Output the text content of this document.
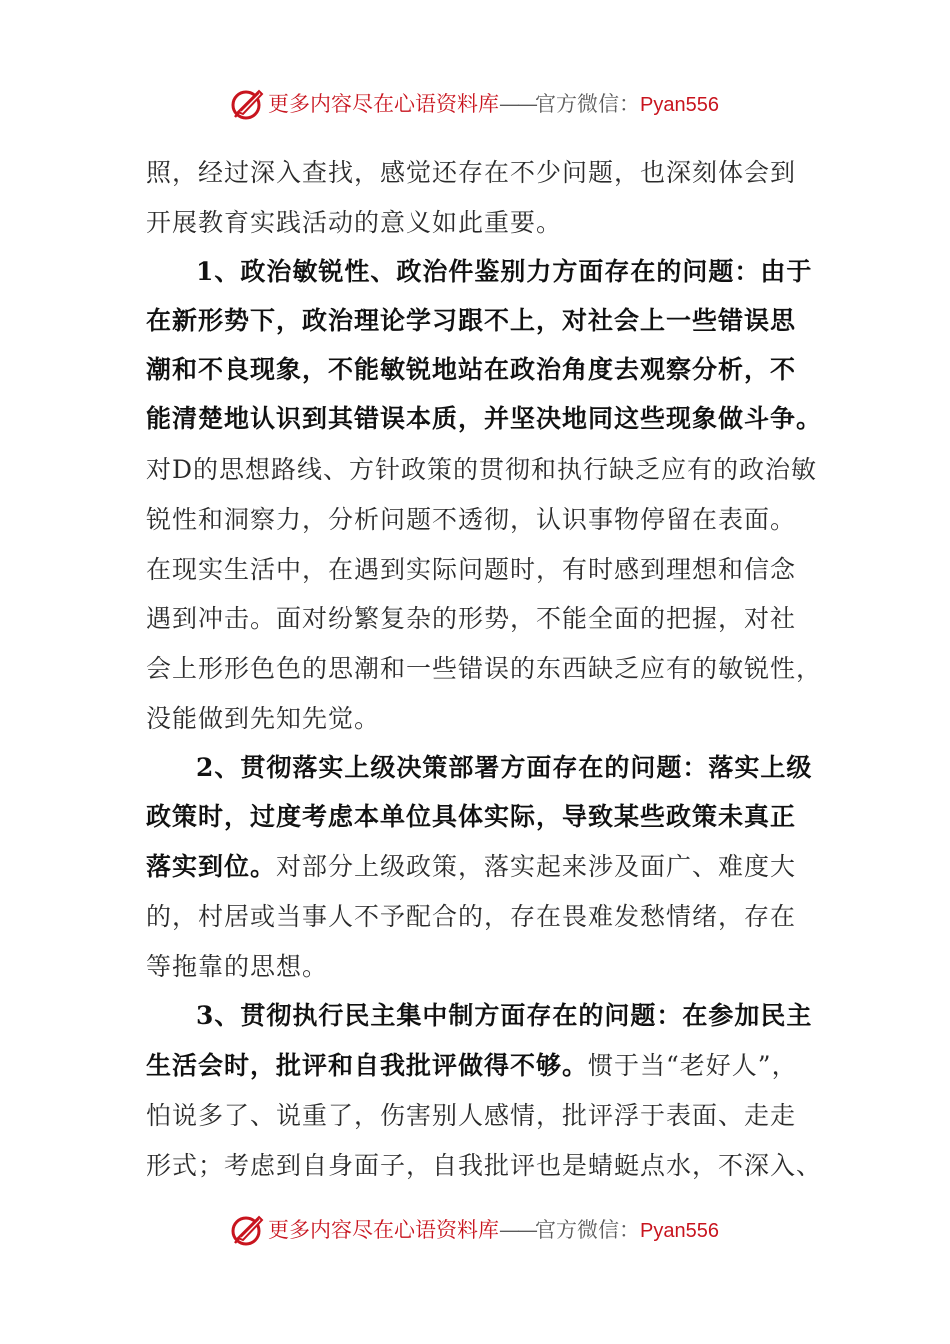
更多内容尽在心语资料库——官方微信：Pyan556
照，经过深入查找，感觉还存在不少问题，也深刻体会到
开展教育实践活动的意义如此重要。
1、政治敏锐性、政治件鉴别力方面存在的问题：由于
在新形势下，政治理论学习跟不上，对社会上一些错误思
潮和不良现象，不能敏锐地站在政治角度去观察分析，不
能清楚地认识到其错误本质，并坚决地同这些现象做斗争。
对D的思想路线、方针政策的贯彻和执行缺乏应有的政治敏
锐性和洞察力，分析问题不透彻，认识事物停留在表面。
在现实生活中，在遇到实际问题时，有时感到理想和信念
遇到冲击。面对纷繁复杂的形势，不能全面的把握，对社
会上形形色色的思潮和一些错误的东西缺乏应有的敏锐性，
没能做到先知先觉。
2、贯彻落实上级决策部署方面存在的问题：落实上级
政策时，过度考虑本单位具体实际，导致某些政策未真正
落实到位。对部分上级政策，落实起来涉及面广、难度大
的，村居或当事人不予配合的，存在畏难发愁情绪，存在
等拖靠的思想。
3、贯彻执行民主集中制方面存在的问题：在参加民主
生活会时，批评和自我批评做得不够。惯于当“老好人”，
怕说多了、说重了，伤害别人感情，批评浮于表面、走走
形式；考虑到自身面子，自我批评也是蜻蜓点水，不深入、
更多内容尽在心语资料库——官方微信：Pyan556
